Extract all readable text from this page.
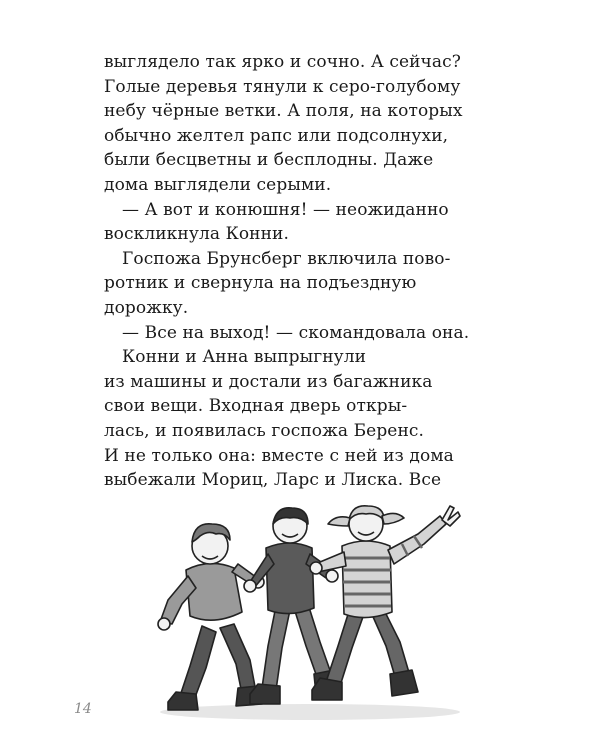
выглядело так ярко и сочно. А сейчас?
Голые деревья тянули к серо-голубому
небу чёрные ветки. А поля, на которых
обычно желтел рапс или подсолнухи,
были бесцветны и бесплодны. Даже
дома выглядели серыми.
— А вот и конюшня! — неожиданно
воскликнула Конни.
Госпожа Брунсберг включила пово-
ротник и свернула на подъездную
дорожку.
— Все на выход! — скомандовала она.
Конни и Анна выпрыгнули
из машины и достали из багажника
свои вещи. Входная дверь откры-
лась, и появилась госпожа Беренс.
И не только она: вместе с ней из дома
выбежали Мориц, Ларс и Лиска. Все
14
